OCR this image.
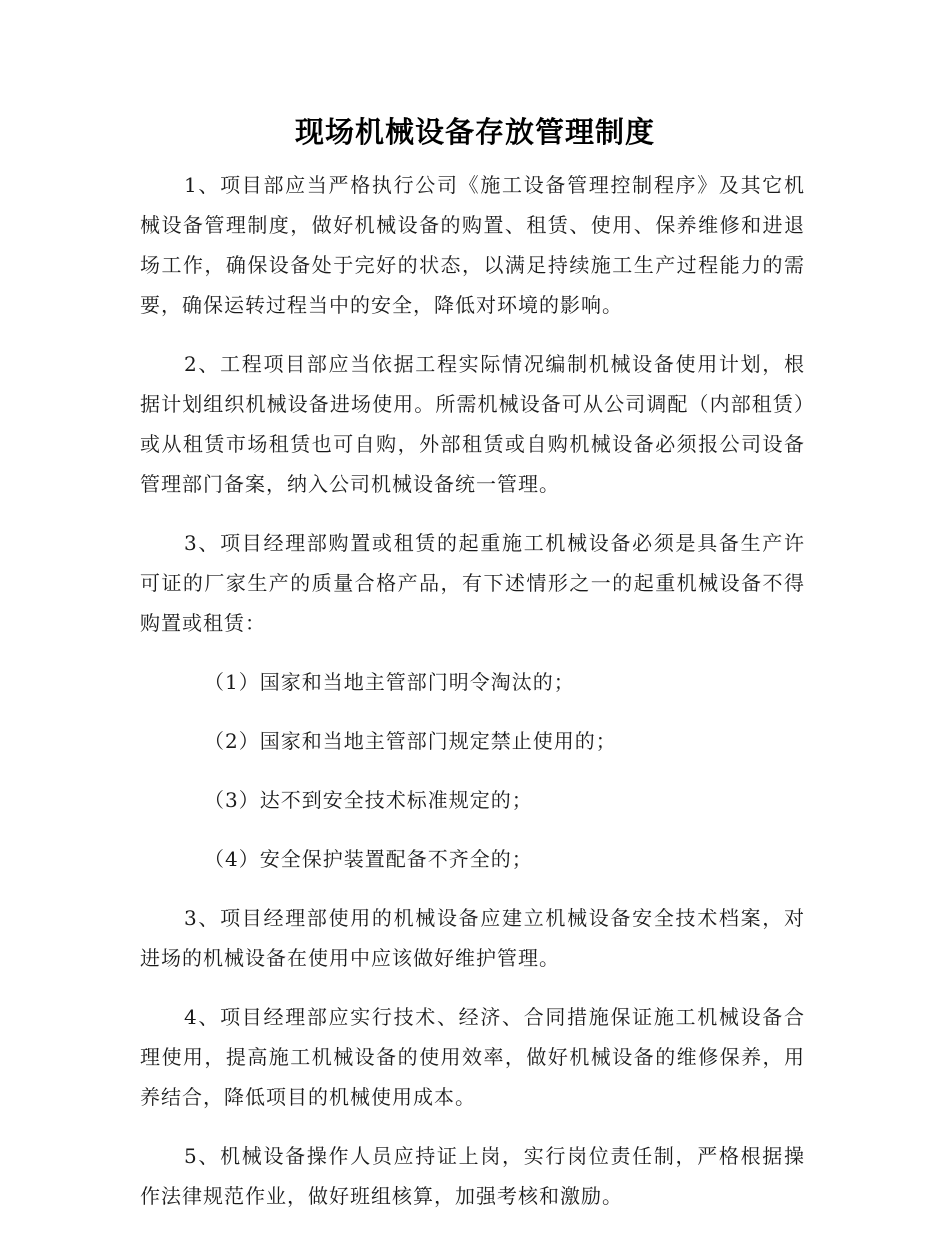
现场机械设备存放管理制度

1、项目部应当严格执行公司《施工设备管理控制程序》及其它机械设备管理制度，做好机械设备的购置、租赁、使用、保养维修和进退场工作，确保设备处于完好的状态，以满足持续施工生产过程能力的需要，确保运转过程当中的安全，降低对环境的影响。

2、工程项目部应当依据工程实际情况编制机械设备使用计划，根据计划组织机械设备进场使用。所需机械设备可从公司调配（内部租赁）或从租赁市场租赁也可自购，外部租赁或自购机械设备必须报公司设备管理部门备案，纳入公司机械设备统一管理。

3、项目经理部购置或租赁的起重施工机械设备必须是具备生产许可证的厂家生产的质量合格产品，有下述情形之一的起重机械设备不得购置或租赁：

（1）国家和当地主管部门明令淘汰的；

（2）国家和当地主管部门规定禁止使用的；

（3）达不到安全技术标准规定的；

（4）安全保护装置配备不齐全的；

3、项目经理部使用的机械设备应建立机械设备安全技术档案，对进场的机械设备在使用中应该做好维护管理。

4、项目经理部应实行技术、经济、合同措施保证施工机械设备合理使用，提高施工机械设备的使用效率，做好机械设备的维修保养，用养结合，降低项目的机械使用成本。

5、机械设备操作人员应持证上岗，实行岗位责任制，严格根据操作法律规范作业，做好班组核算，加强考核和激励。
